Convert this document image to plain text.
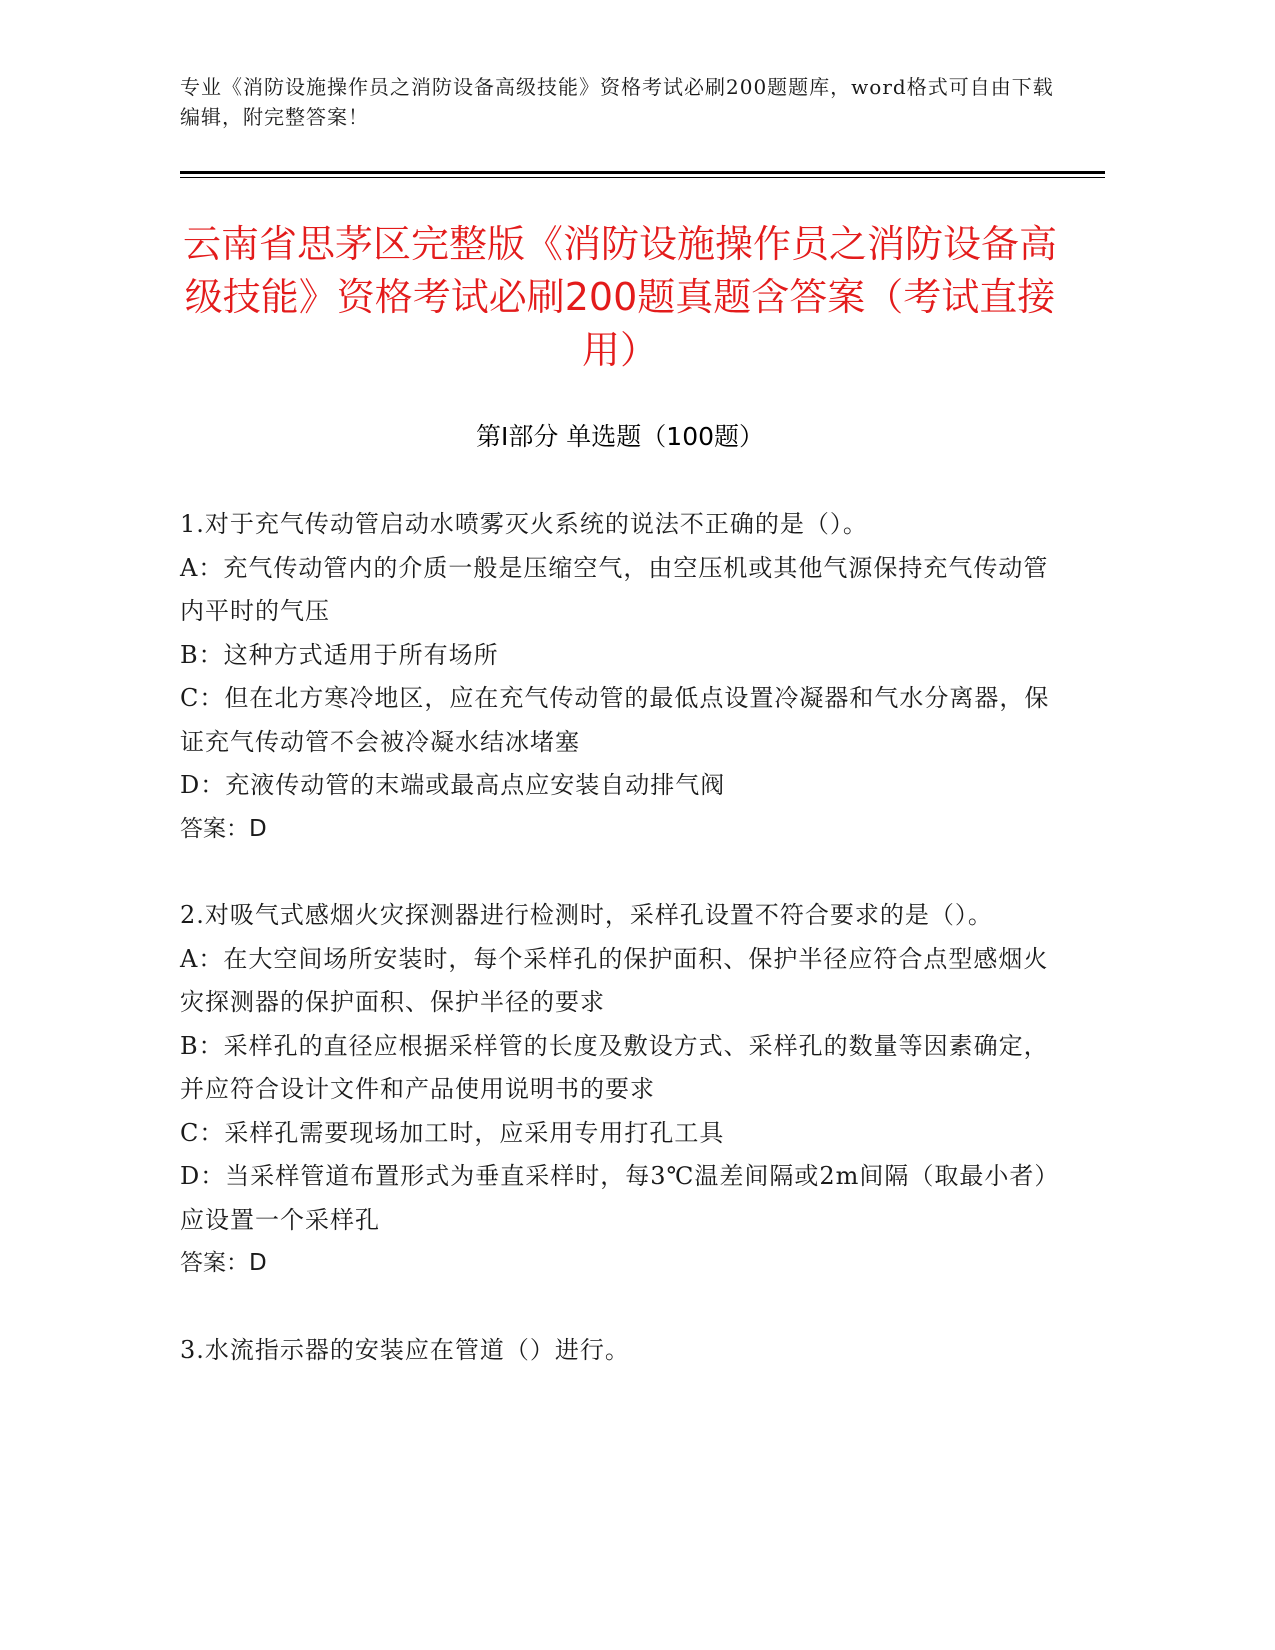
专业《消防设施操作员之消防设备高级技能》资格考试必刷200题题库，word格式可自由下载编辑，附完整答案！
云南省思茅区完整版《消防设施操作员之消防设备高级技能》资格考试必刷200题真题含答案（考试直接用）
第Ⅰ部分 单选题（100题）
1.对于充气传动管启动水喷雾灭火系统的说法不正确的是（）。
A：充气传动管内的介质一般是压缩空气，由空压机或其他气源保持充气传动管内平时的气压
B：这种方式适用于所有场所
C：但在北方寒冷地区，应在充气传动管的最低点设置冷凝器和气水分离器，保证充气传动管不会被冷凝水结冰堵塞
D：充液传动管的末端或最高点应安装自动排气阀
答案：D
2.对吸气式感烟火灾探测器进行检测时，采样孔设置不符合要求的是（）。
A：在大空间场所安装时，每个采样孔的保护面积、保护半径应符合点型感烟火灾探测器的保护面积、保护半径的要求
B：采样孔的直径应根据采样管的长度及敷设方式、采样孔的数量等因素确定，并应符合设计文件和产品使用说明书的要求
C：采样孔需要现场加工时，应采用专用打孔工具
D：当采样管道布置形式为垂直采样时，每3℃温差间隔或2m间隔（取最小者）应设置一个采样孔
答案：D
3.水流指示器的安装应在管道（）进行。
